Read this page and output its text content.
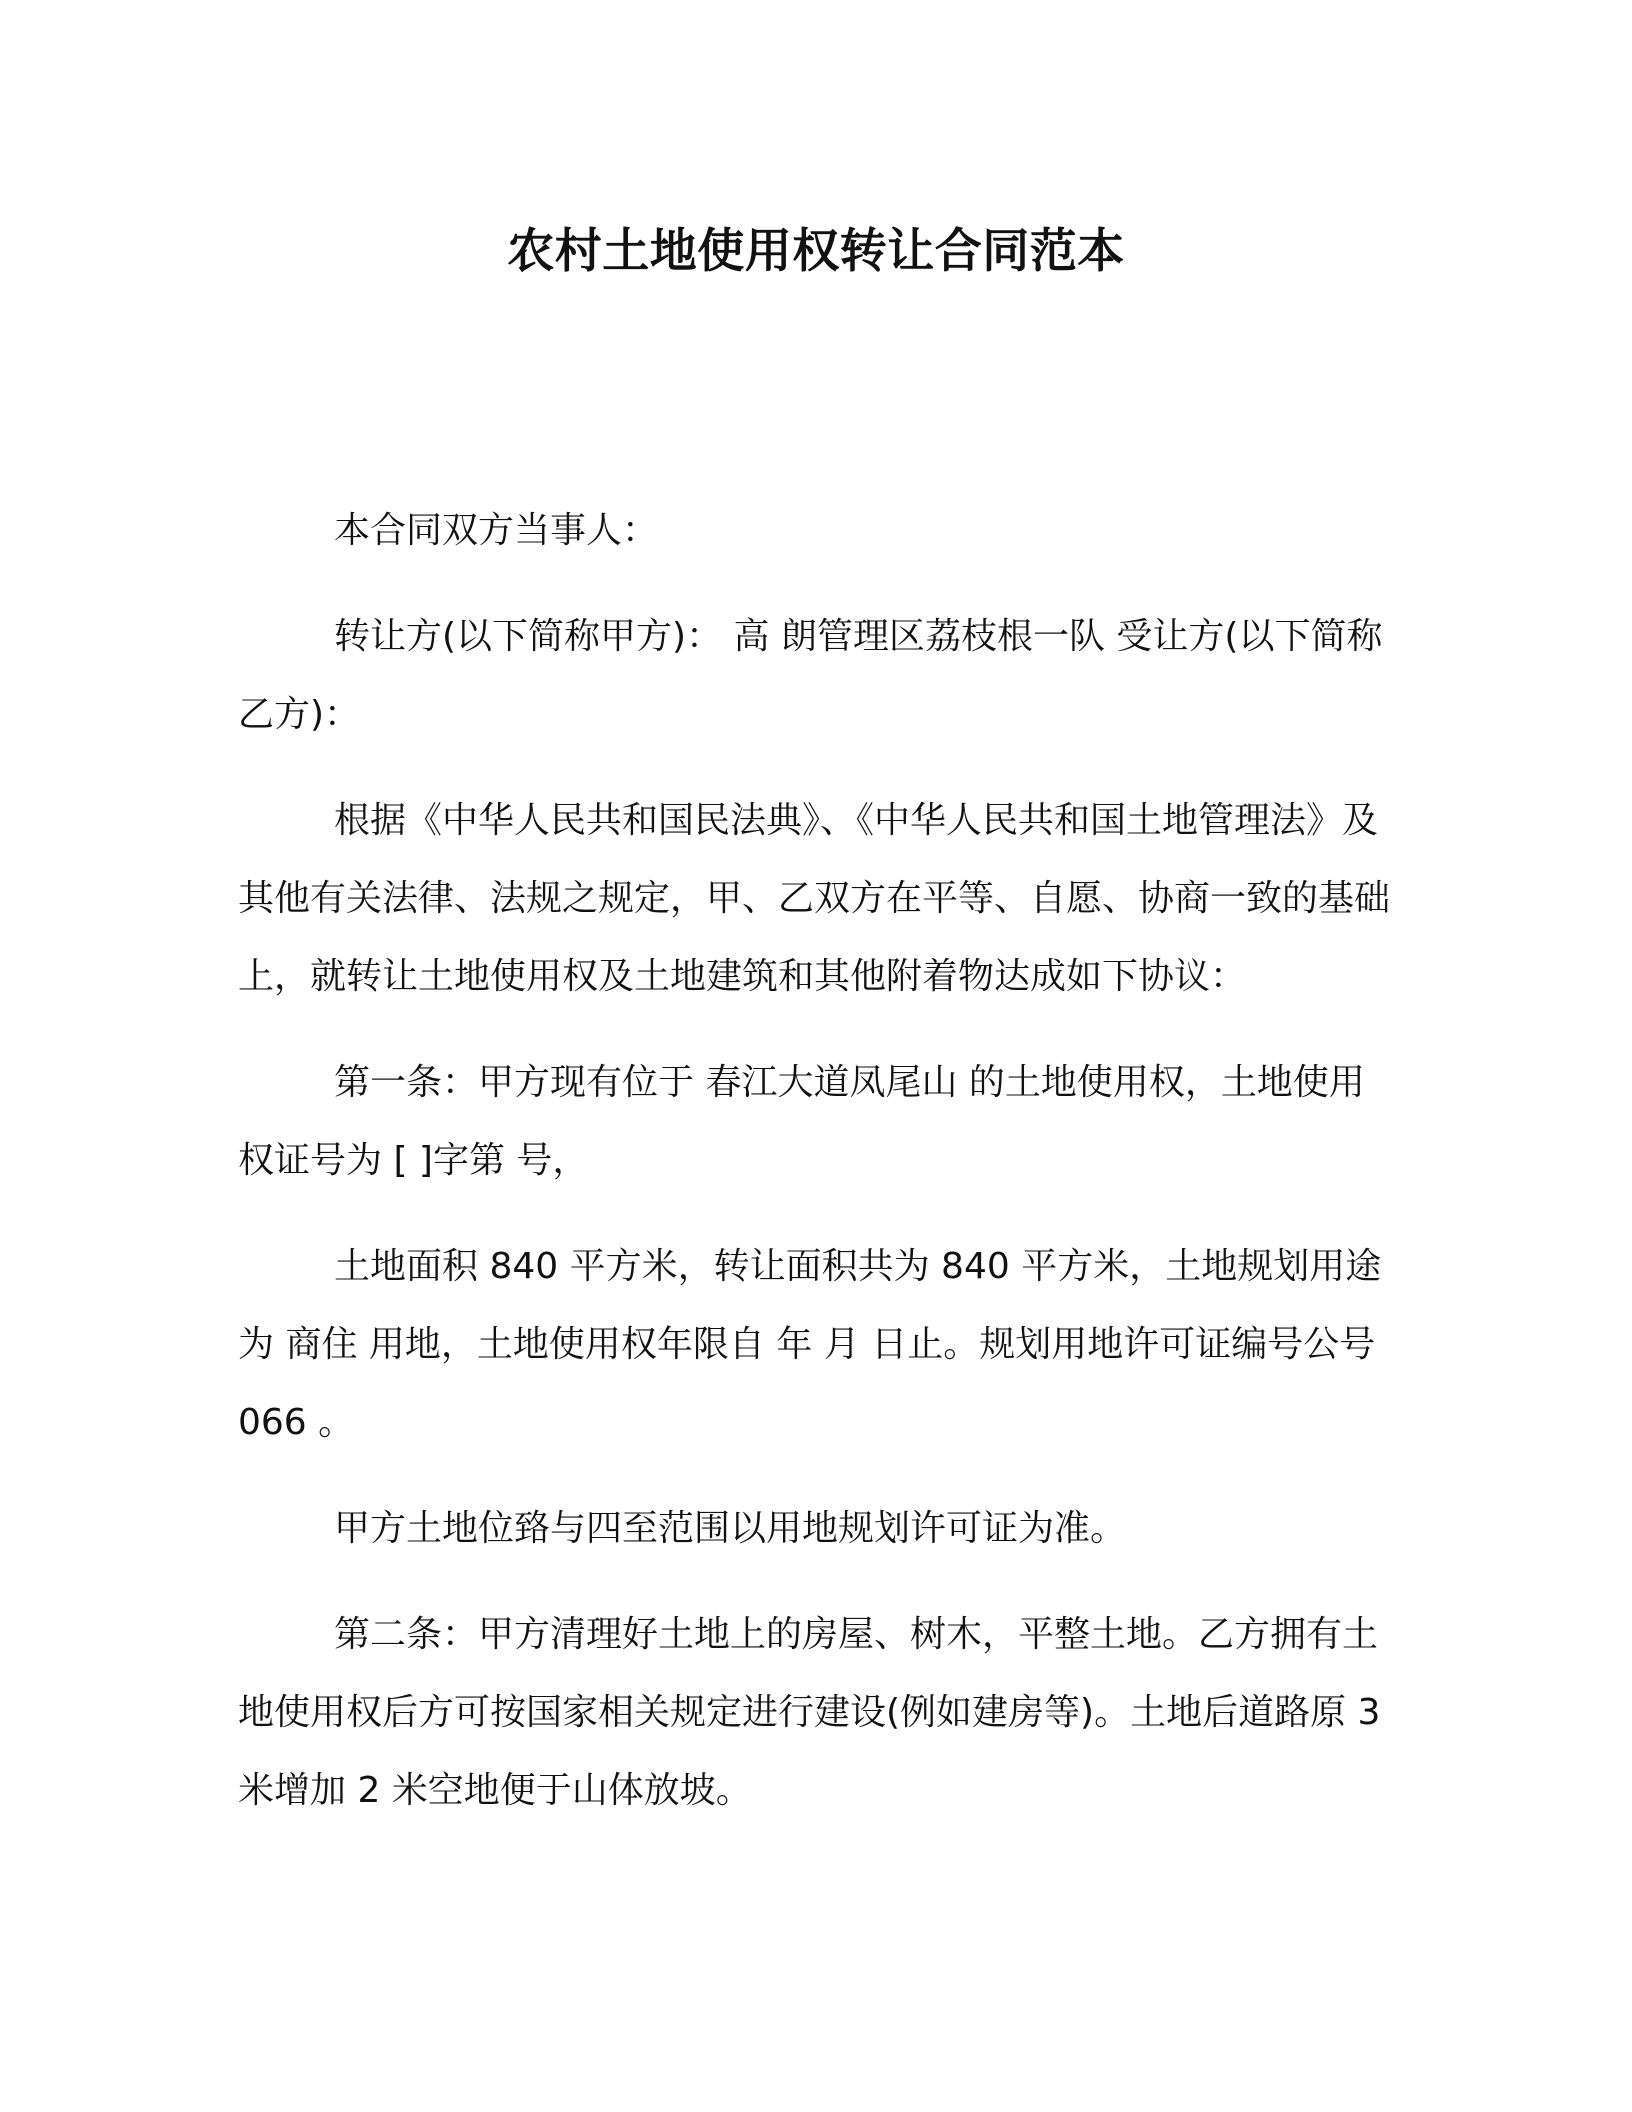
农村土地使用权转让合同范本

本合同双方当事人：

转让方(以下简称甲方)： 高 朗管理区荔枝根一队 受让方(以下简称乙方)：

根据《中华人民共和国民法典》、《中华人民共和国土地管理法》及其他有关法律、法规之规定，甲、乙双方在平等、自愿、协商一致的基础上，就转让土地使用权及土地建筑和其他附着物达成如下协议：

第一条：甲方现有位于 春江大道凤尾山 的土地使用权，土地使用权证号为 [ ]字第 号，

土地面积 840 平方米，转让面积共为 840 平方米，土地规划用途为 商住 用地，土地使用权年限自 年 月 日止。规划用地许可证编号公号 066 。

甲方土地位臵与四至范围以用地规划许可证为准。

第二条：甲方清理好土地上的房屋、树木，平整土地。乙方拥有土地使用权后方可按国家相关规定进行建设(例如建房等)。土地后道路原 3 米增加 2 米空地便于山体放坡。
